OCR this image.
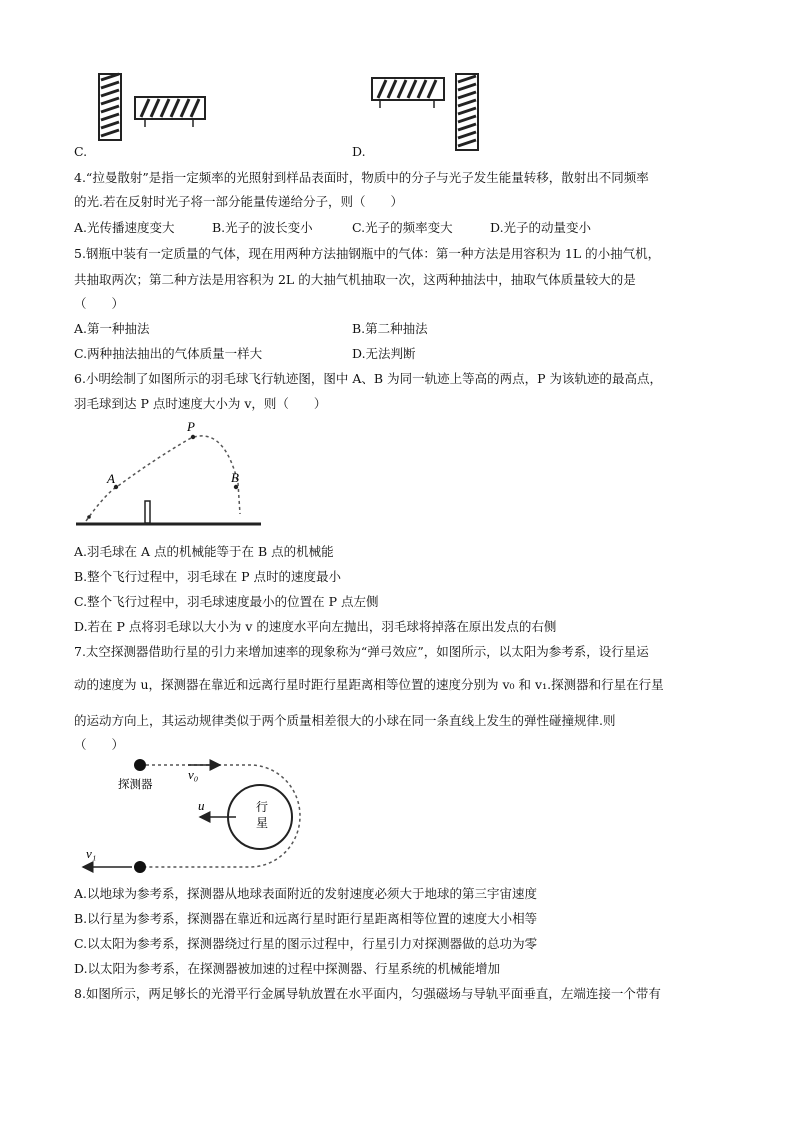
C.	D.
4.“拉曼散射”是指一定频率的光照射到样品表面时，物质中的分子与光子发生能量转移，散射出不同频率
的光.若在反射时光子将一部分能量传递给分子，则（　　）
A.光传播速度变大	B.光子的波长变小	C.光子的频率变大	D.光子的动量变小
5.钢瓶中装有一定质量的气体，现在用两种方法抽钢瓶中的气体：第一种方法是用容积为 1L 的小抽气机，
共抽取两次；第二种方法是用容积为 2L 的大抽气机抽取一次，这两种抽法中，抽取气体质量较大的是
（　　）
A.第一种抽法	B.第二种抽法
C.两种抽法抽出的气体质量一样大	D.无法判断
6.小明绘制了如图所示的羽毛球飞行轨迹图，图中 A、B 为同一轨迹上等高的两点，P 为该轨迹的最高点，
羽毛球到达 P 点时速度大小为 v，则（　　）
A
P
B
A.羽毛球在 A 点的机械能等于在 B 点的机械能
B.整个飞行过程中，羽毛球在 P 点时的速度最小
C.整个飞行过程中，羽毛球速度最小的位置在 P 点左侧
D.若在 P 点将羽毛球以大小为 v 的速度水平向左抛出，羽毛球将掉落在原出发点的右侧
7.太空探测器借助行星的引力来增加速率的现象称为“弹弓效应”，如图所示，以太阳为参考系，设行星运
动的速度为 u，探测器在靠近和远离行星时距行星距离相等位置的速度分别为 v₀ 和 v₁.探测器和行星在行星
的运动方向上，其运动规律类似于两个质量相差很大的小球在同一条直线上发生的弹性碰撞规律.则
（　　）
探测器
v₀
u	行
星
v₁
A.以地球为参考系，探测器从地球表面附近的发射速度必须大于地球的第三宇宙速度
B.以行星为参考系，探测器在靠近和远离行星时距行星距离相等位置的速度大小相等
C.以太阳为参考系，探测器绕过行星的图示过程中，行星引力对探测器做的总功为零
D.以太阳为参考系，在探测器被加速的过程中探测器、行星系统的机械能增加
8.如图所示，两足够长的光滑平行金属导轨放置在水平面内，匀强磁场与导轨平面垂直，左端连接一个带有
